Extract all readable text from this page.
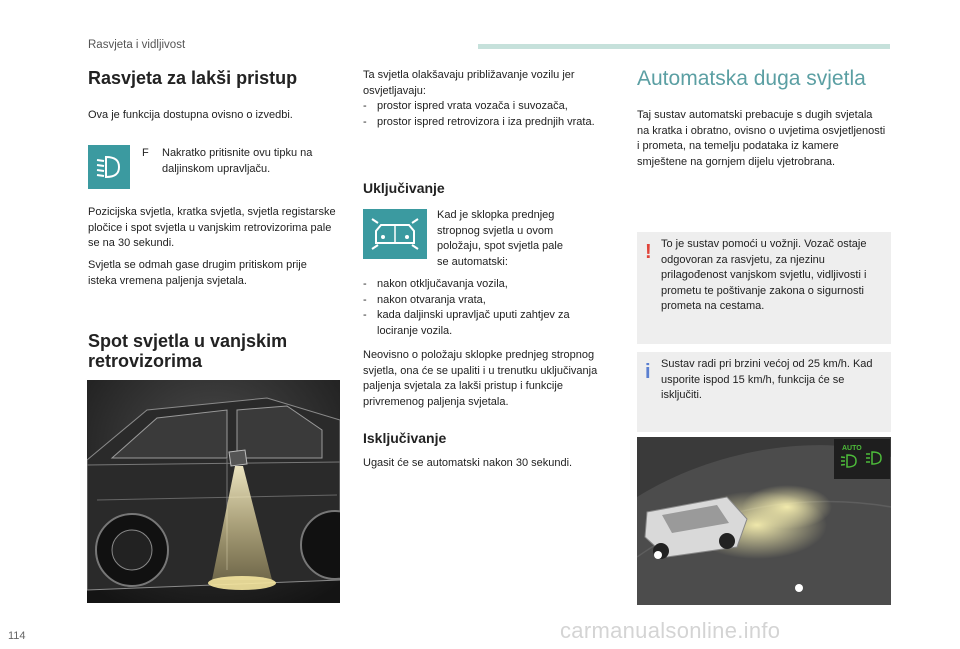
Rasvjeta i vidljivost
Rasvjeta za lakši pristup

Ova je funkcija dostupna ovisno o izvedbi.

F Nakratko pritisnite ovu tipku na daljinskom upravljaču.

Pozicijska svjetla, kratka svjetla, svjetla registarske pločice i spot svjetla u vanjskim retrovizorima pale se na 30 sekundi.

Svjetla se odmah gase drugim pritiskom prije isteka vremena paljenja svjetala.

Spot svjetla u vanjskim retrovizorima

Ta svjetla olakšavaju približavanje vozilu jer osvjetljavaju:

- prostor ispred vrata vozača i suvozača,
- prostor ispred retrovizora i iza prednjih vrata.
Uključivanje

Kad je sklopka prednjeg stropnog svjetla u ovom položaju, spot svjetla pale se automatski:

- nakon otključavanja vozila,
- nakon otvaranja vrata,
- kada daljinski upravljač uputi zahtjev za lociranje vozila.

Neovisno o položaju sklopke prednjeg stropnog svjetla, ona će se upaliti i u trenutku uključivanja paljenja svjetala za lakši pristup i funkcije privremenog paljenja svjetala.

Isključivanje

Ugasit će se automatski nakon 30 sekundi.

Automatska duga svjetla

Taj sustav automatski prebacuje s dugih svjetala na kratka i obratno, ovisno o uvjetima osvjetljenosti i prometa, na temelju podataka iz kamere smještene na gornjem dijelu vjetrobrana.

! To je sustav pomoći u vožnji. Vozač ostaje odgovoran za rasvjetu, za njezinu prilagođenost vanjskom svjetlu, vidljivosti i prometu te poštivanje zakona o sigurnosti prometa na cestama.

i Sustav radi pri brzini većoj od 25 km/h. Kad usporite ispod 15 km/h, funkcija će se isključiti.

AUTO
114	carmanualsonline.info
